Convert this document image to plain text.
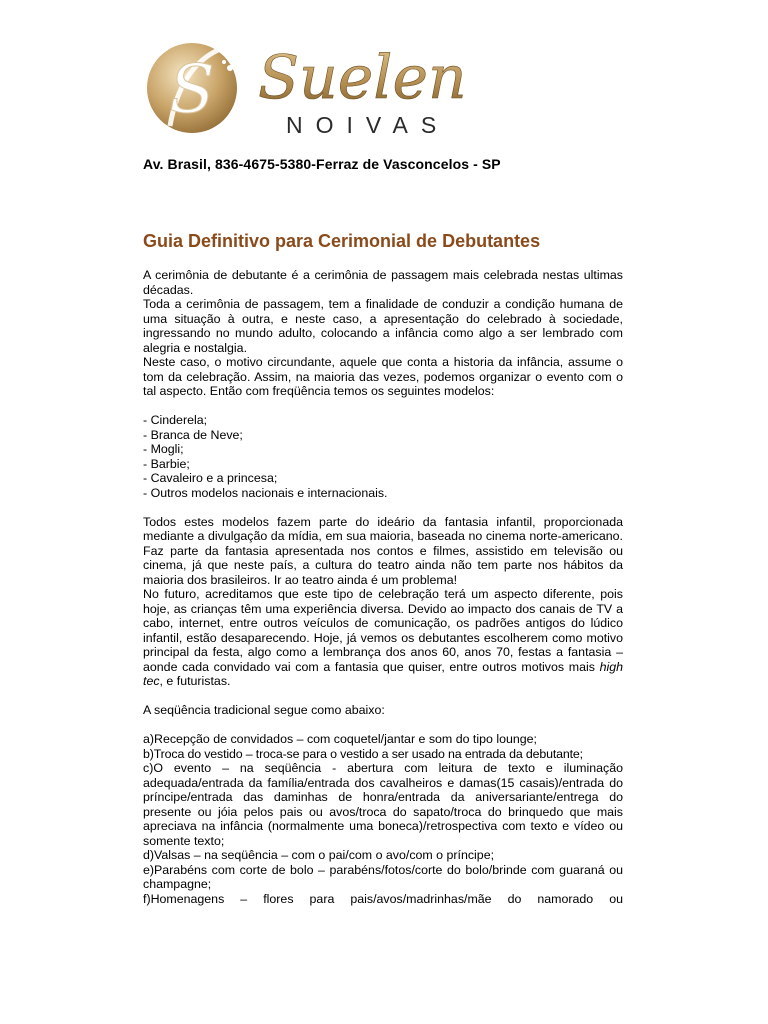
S Suelen
NOIVAS

Av. Brasil, 836-4675-5380-Ferraz de Vasconcelos - SP

Guia Definitivo para Cerimonial de Debutantes

A cerimônia de debutante é a cerimônia de passagem mais celebrada nestas ultimas décadas.

Toda a cerimônia de passagem, tem a finalidade de conduzir a condição humana de uma situação à outra, e neste caso, a apresentação do celebrado à sociedade, ingressando no mundo adulto, colocando a infância como algo a ser lembrado com alegria e nostalgia.

Neste caso, o motivo circundante, aquele que conta a historia da infância, assume o tom da celebração. Assim, na maioria das vezes, podemos organizar o evento com o tal aspecto. Então com freqüência temos os seguintes modelos:

- Cinderela;
- Branca de Neve;
- Mogli;
- Barbie;
- Cavaleiro e a princesa;
- Outros modelos nacionais e internacionais.

Todos estes modelos fazem parte do ideário da fantasia infantil, proporcionada mediante a divulgação da mídia, em sua maioria, baseada no cinema norte-americano. Faz parte da fantasia apresentada nos contos e filmes, assistido em televisão ou cinema, já que neste país, a cultura do teatro ainda não tem parte nos hábitos da maioria dos brasileiros. Ir ao teatro ainda é um problema!

No futuro, acreditamos que este tipo de celebração terá um aspecto diferente, pois hoje, as crianças têm uma experiência diversa. Devido ao impacto dos canais de TV a cabo, internet, entre outros veículos de comunicação, os padrões antigos do lúdico infantil, estão desaparecendo. Hoje, já vemos os debutantes escolherem como motivo principal da festa, algo como a lembrança dos anos 60, anos 70, festas a fantasia – aonde cada convidado vai com a fantasia que quiser, entre outros motivos mais high tec, e futuristas.

A seqüência tradicional segue como abaixo:

a)Recepção de convidados – com coquetel/jantar e som do tipo lounge;

b)Troca do vestido – troca-se para o vestido a ser usado na entrada da debutante;

c)O evento – na seqüência - abertura com leitura de texto e iluminação adequada/entrada da família/entrada dos cavalheiros e damas(15 casais)/entrada do príncipe/entrada das daminhas de honra/entrada da aniversariante/entrega do presente ou jóia pelos pais ou avos/troca do sapato/troca do brinquedo que mais apreciava na infância (normalmente uma boneca)/retrospectiva com texto e vídeo ou somente texto;

d)Valsas – na seqüência – com o pai/com o avo/com o príncipe;

e)Parabéns com corte de bolo – parabéns/fotos/corte do bolo/brinde com guaraná ou champagne;

f)Homenagens – flores para pais/avos/madrinhas/mãe do namorado ou
